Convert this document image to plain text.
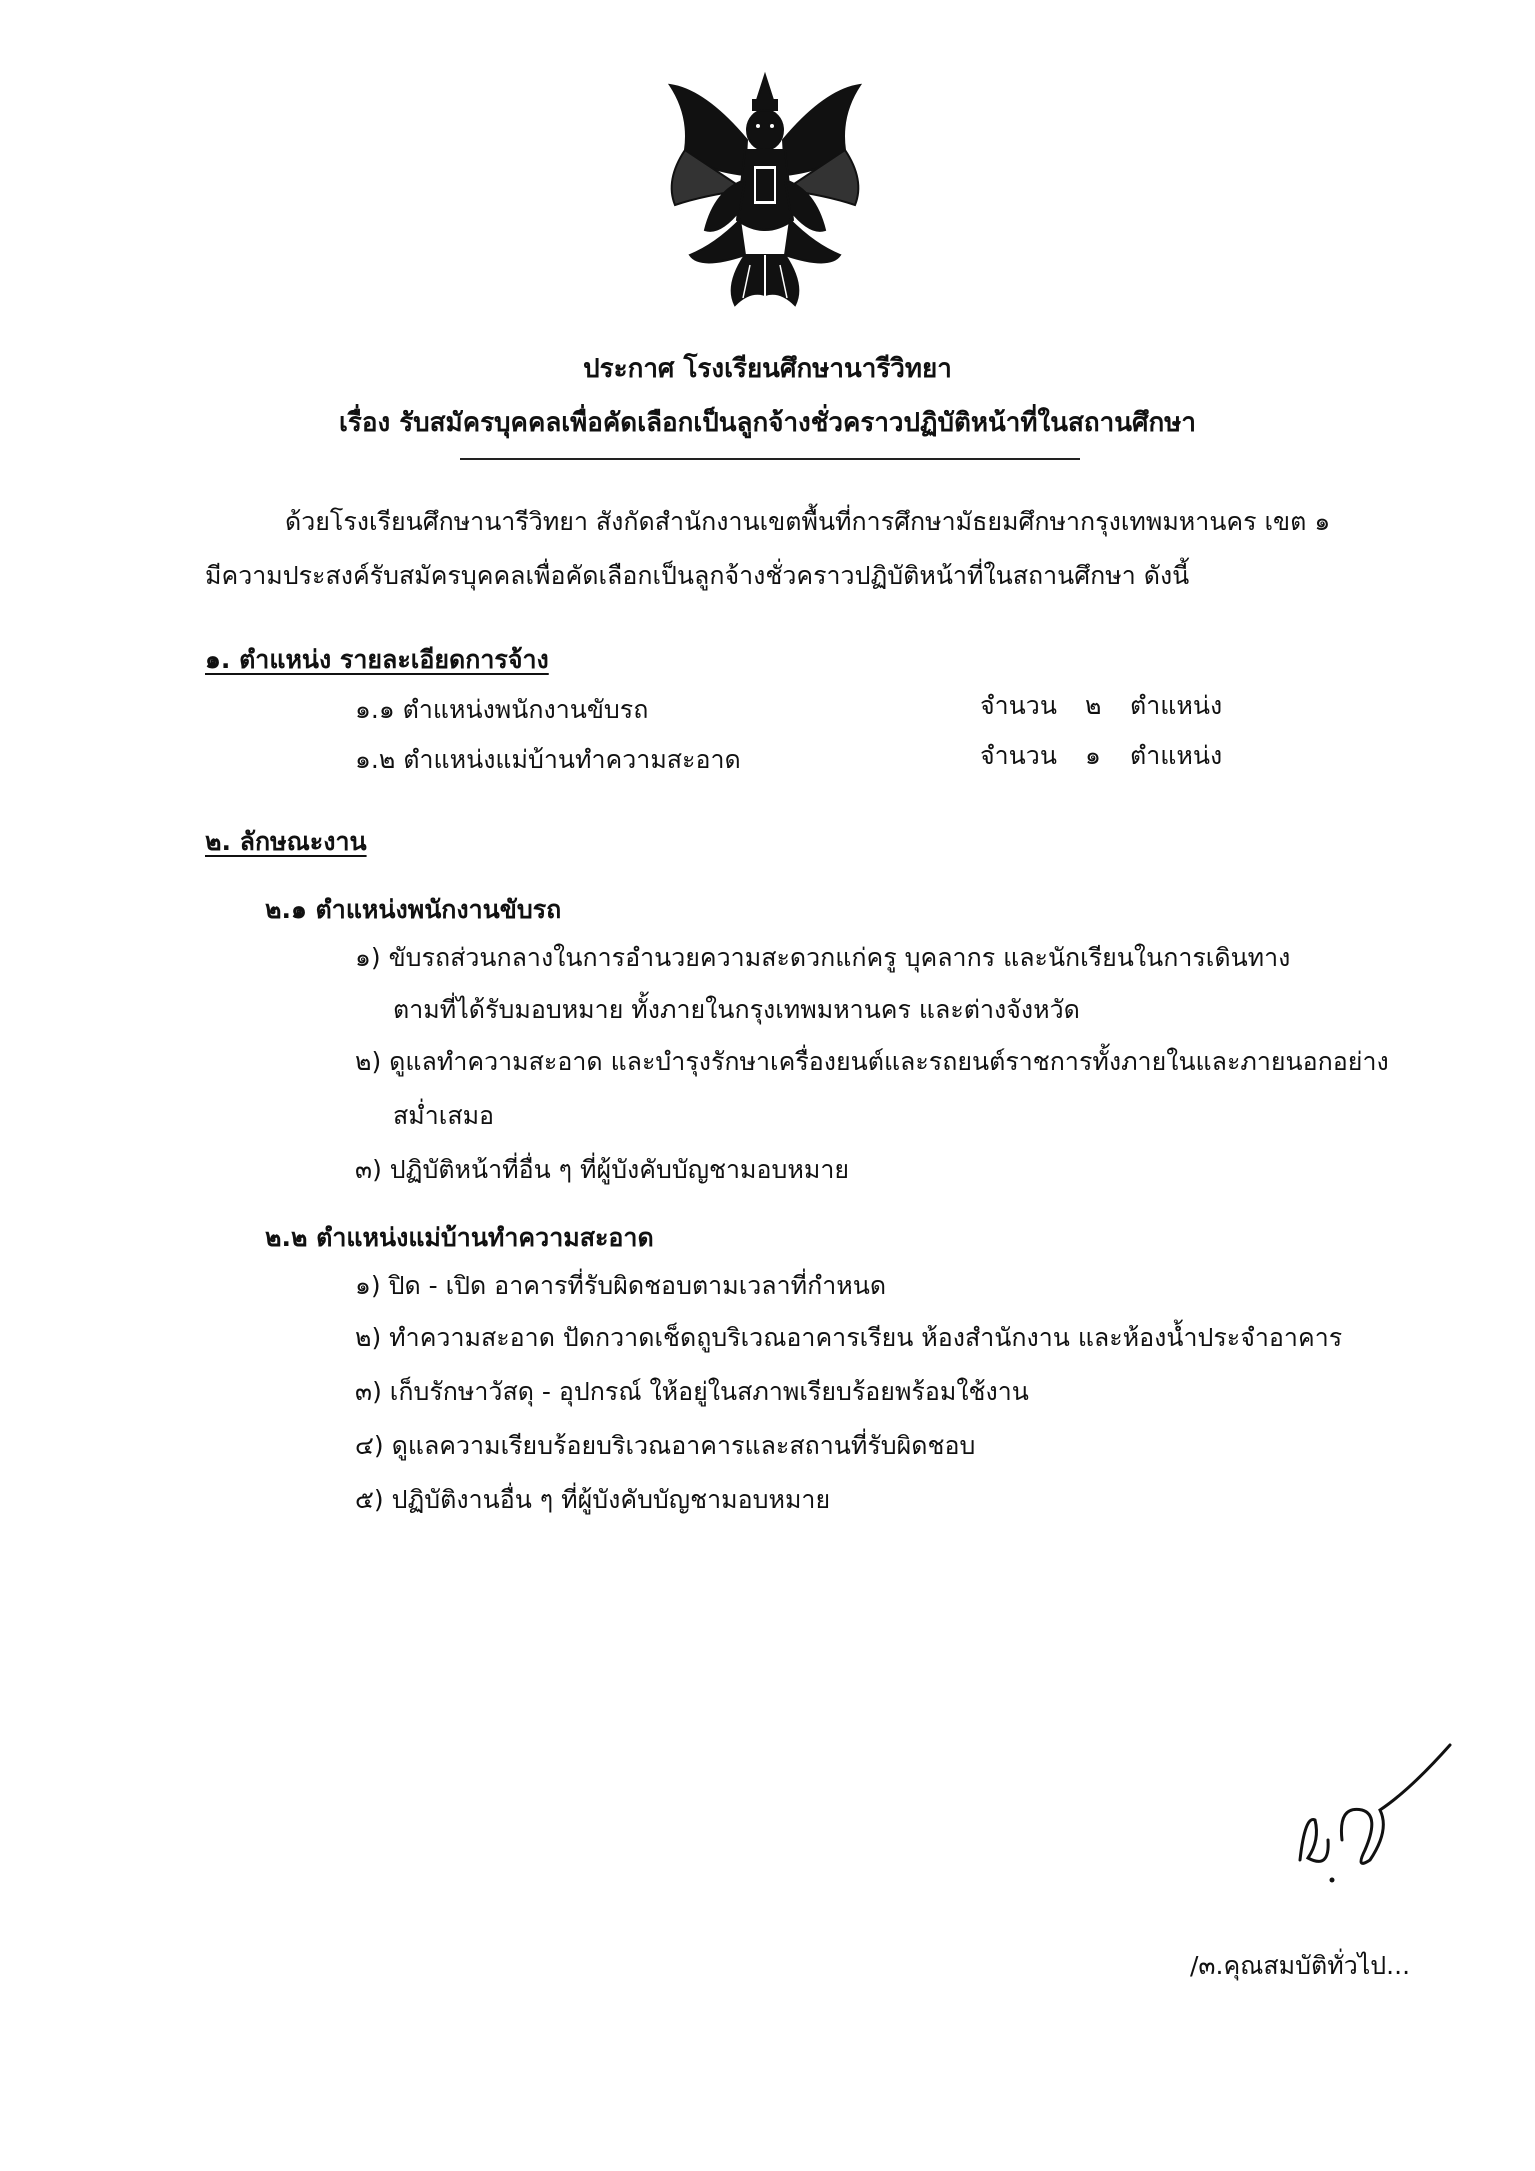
ประกาศ โรงเรียนศึกษานารีวิทยา
เรื่อง รับสมัครบุคคลเพื่อคัดเลือกเป็นลูกจ้างชั่วคราวปฏิบัติหน้าที่ในสถานศึกษา
ด้วยโรงเรียนศึกษานารีวิทยา สังกัดสำนักงานเขตพื้นที่การศึกษามัธยมศึกษากรุงเทพมหานคร เขต ๑
มีความประสงค์รับสมัครบุคคลเพื่อคัดเลือกเป็นลูกจ้างชั่วคราวปฏิบัติหน้าที่ในสถานศึกษา ดังนี้
๑. ตำแหน่ง รายละเอียดการจ้าง
๑.๑ ตำแหน่งพนักงานขับรถ	จำนวน ๒ ตำแหน่ง
๑.๒ ตำแหน่งแม่บ้านทำความสะอาด	จำนวน ๑ ตำแหน่ง
๒. ลักษณะงาน
๒.๑ ตำแหน่งพนักงานขับรถ
๑) ขับรถส่วนกลางในการอำนวยความสะดวกแก่ครู บุคลากร และนักเรียนในการเดินทาง
ตามที่ได้รับมอบหมาย ทั้งภายในกรุงเทพมหานคร และต่างจังหวัด
๒) ดูแลทำความสะอาด และบำรุงรักษาเครื่องยนต์และรถยนต์ราชการทั้งภายในและภายนอกอย่าง
สม่ำเสมอ
๓) ปฏิบัติหน้าที่อื่น ๆ ที่ผู้บังคับบัญชามอบหมาย
๒.๒ ตำแหน่งแม่บ้านทำความสะอาด
๑) ปิด - เปิด อาคารที่รับผิดชอบตามเวลาที่กำหนด
๒) ทำความสะอาด ปัดกวาดเช็ดถูบริเวณอาคารเรียน ห้องสำนักงาน และห้องน้ำประจำอาคาร
๓) เก็บรักษาวัสดุ - อุปกรณ์ ให้อยู่ในสภาพเรียบร้อยพร้อมใช้งาน
๔) ดูแลความเรียบร้อยบริเวณอาคารและสถานที่รับผิดชอบ
๕) ปฏิบัติงานอื่น ๆ ที่ผู้บังคับบัญชามอบหมาย
/๓.คุณสมบัติทั่วไป...
